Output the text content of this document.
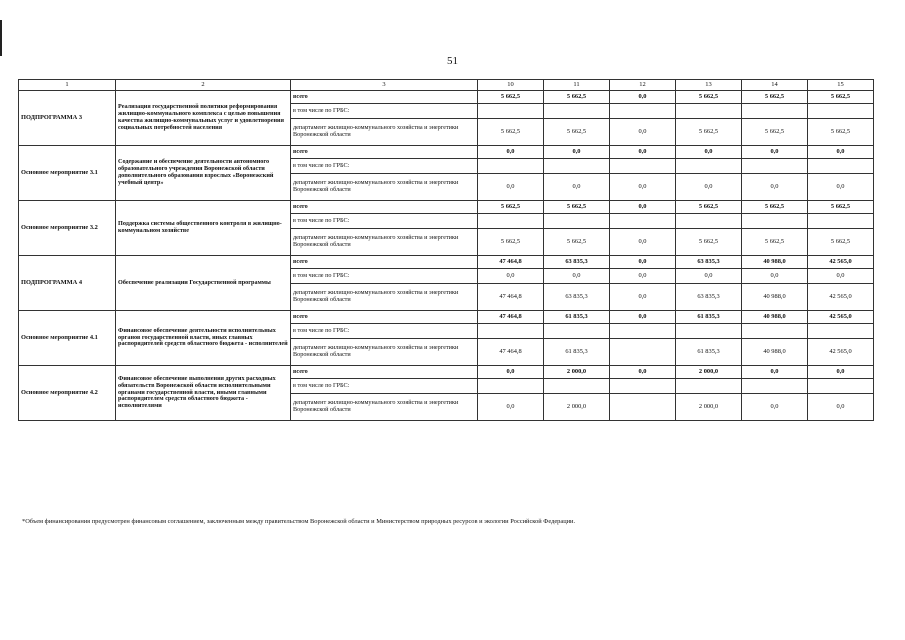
51
1	2	3	10	11	12	13	14	15
ПОДПРОГРАММА 3	Реализация государственной политики реформирования жилищно-коммунального комплекса с целью повышения качества жилищно-коммунальных услуг и удовлетворения социальных потребностей населения	всего	5 662,5	5 662,5	0,0	5 662,5	5 662,5	5 662,5
		в том числе по ГРБС:						
		департамент жилищно-коммунального хозяйства и энергетики Воронежской области	5 662,5	5 662,5	0,0	5 662,5	5 662,5	5 662,5
Основное мероприятие 3.1	Содержание и обеспечение деятельности автономного образовательного учреждения Воронежской области дополнительного образования взрослых «Воронежский учебный центр»	всего	0,0	0,0	0,0	0,0	0,0	0,0
		в том числе по ГРБС:						
		департамент жилищно-коммунального хозяйства и энергетики Воронежской области	0,0	0,0	0,0	0,0	0,0	0,0
Основное мероприятие 3.2	Поддержка системы общественного контроля в жилищно-коммунальном хозяйстве	всего	5 662,5	5 662,5	0,0	5 662,5	5 662,5	5 662,5
		в том числе по ГРБС:						
		департамент жилищно-коммунального хозяйства и энергетики Воронежской области	5 662,5	5 662,5	0,0	5 662,5	5 662,5	5 662,5
ПОДПРОГРАММА 4	Обеспечение реализации Государственной программы	всего	47 464,8	63 835,3	0,0	63 835,3	40 988,0	42 565,0
		в том числе по ГРБС:	0,0	0,0	0,0	0,0	0,0	0,0
		департамент жилищно-коммунального хозяйства и энергетики Воронежской области	47 464,8	63 835,3	0,0	63 835,3	40 988,0	42 565,0
Основное мероприятие 4.1	Финансовое обеспечение деятельности исполнительных органов государственной власти, иных главных распорядителей средств областного бюджета - исполнителей	всего	47 464,8	61 835,3	0,0	61 835,3	40 988,0	42 565,0
		в том числе по ГРБС:						
		департамент жилищно-коммунального хозяйства и энергетики Воронежской области	47 464,8	61 835,3		61 835,3	40 988,0	42 565,0
Основное мероприятие 4.2	Финансовое обеспечение выполнения других расходных обязательств Воронежской области исполнительными органами государственной власти, иными главными распорядителем средств областного бюджета - исполнителями	всего	0,0	2 000,0	0,0	2 000,0	0,0	0,0
		в том числе по ГРБС:						
		департамент жилищно-коммунального хозяйства и энергетики Воронежской области	0,0	2 000,0		2 000,0	0,0	0,0
*Объем финансирования предусмотрен финансовым соглашением, заключенным между правительством Воронежской области и Министерством природных ресурсов и экологии Российской Федерации.
